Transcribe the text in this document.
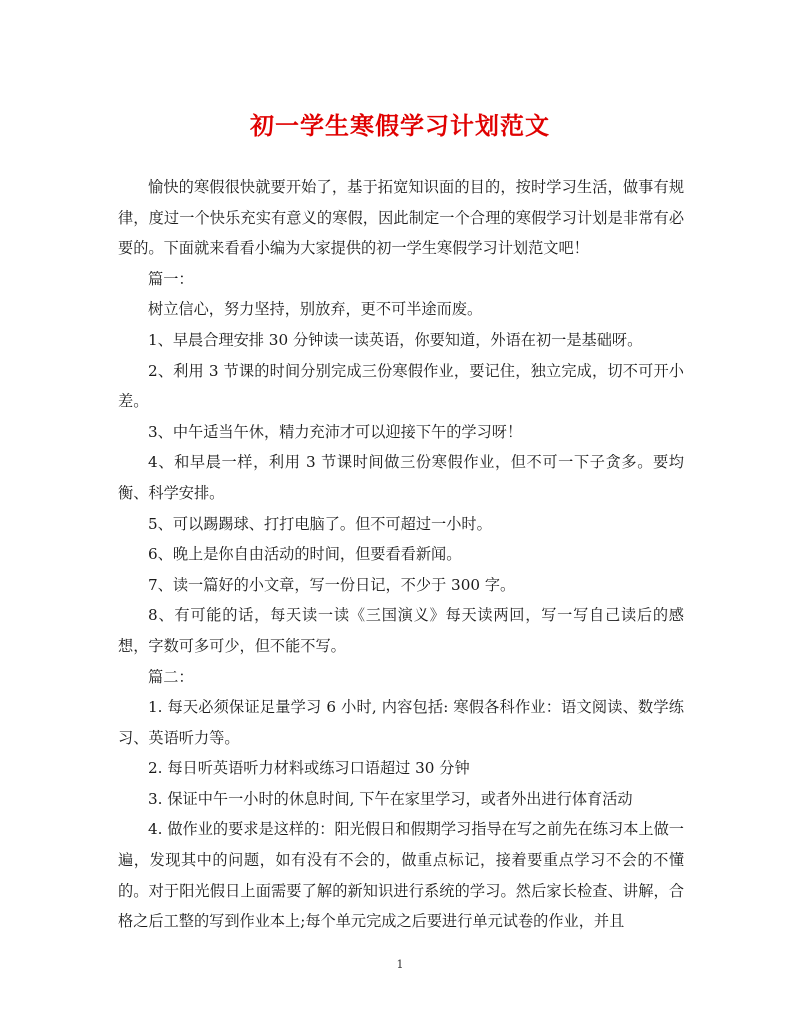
初一学生寒假学习计划范文

愉快的寒假很快就要开始了，基于拓宽知识面的目的，按时学习生活，做事有规律，度过一个快乐充实有意义的寒假，因此制定一个合理的寒假学习计划是非常有必要的。下面就来看看小编为大家提供的初一学生寒假学习计划范文吧！

篇一：

树立信心，努力坚持，别放弃，更不可半途而废。

1、早晨合理安排 30 分钟读一读英语，你要知道，外语在初一是基础呀。

2、利用 3 节课的时间分别完成三份寒假作业，要记住，独立完成，切不可开小差。

3、中午适当午休，精力充沛才可以迎接下午的学习呀！

4、和早晨一样，利用 3 节课时间做三份寒假作业，但不可一下子贪多。要均衡、科学安排。

5、可以踢踢球、打打电脑了。但不可超过一小时。

6、晚上是你自由活动的时间，但要看看新闻。

7、读一篇好的小文章，写一份日记，不少于 300 字。

8、有可能的话，每天读一读《三国演义》每天读两回，写一写自己读后的感想，字数可多可少，但不能不写。

篇二：

1. 每天必须保证足量学习 6 小时, 内容包括: 寒假各科作业：语文阅读、数学练习、英语听力等。

2. 每日听英语听力材料或练习口语超过 30 分钟

3. 保证中午一小时的休息时间, 下午在家里学习，或者外出进行体育活动

4. 做作业的要求是这样的：阳光假日和假期学习指导在写之前先在练习本上做一遍，发现其中的问题，如有没有不会的，做重点标记，接着要重点学习不会的不懂的。对于阳光假日上面需要了解的新知识进行系统的学习。然后家长检查、讲解，合格之后工整的写到作业本上;每个单元完成之后要进行单元试卷的作业，并且

1
